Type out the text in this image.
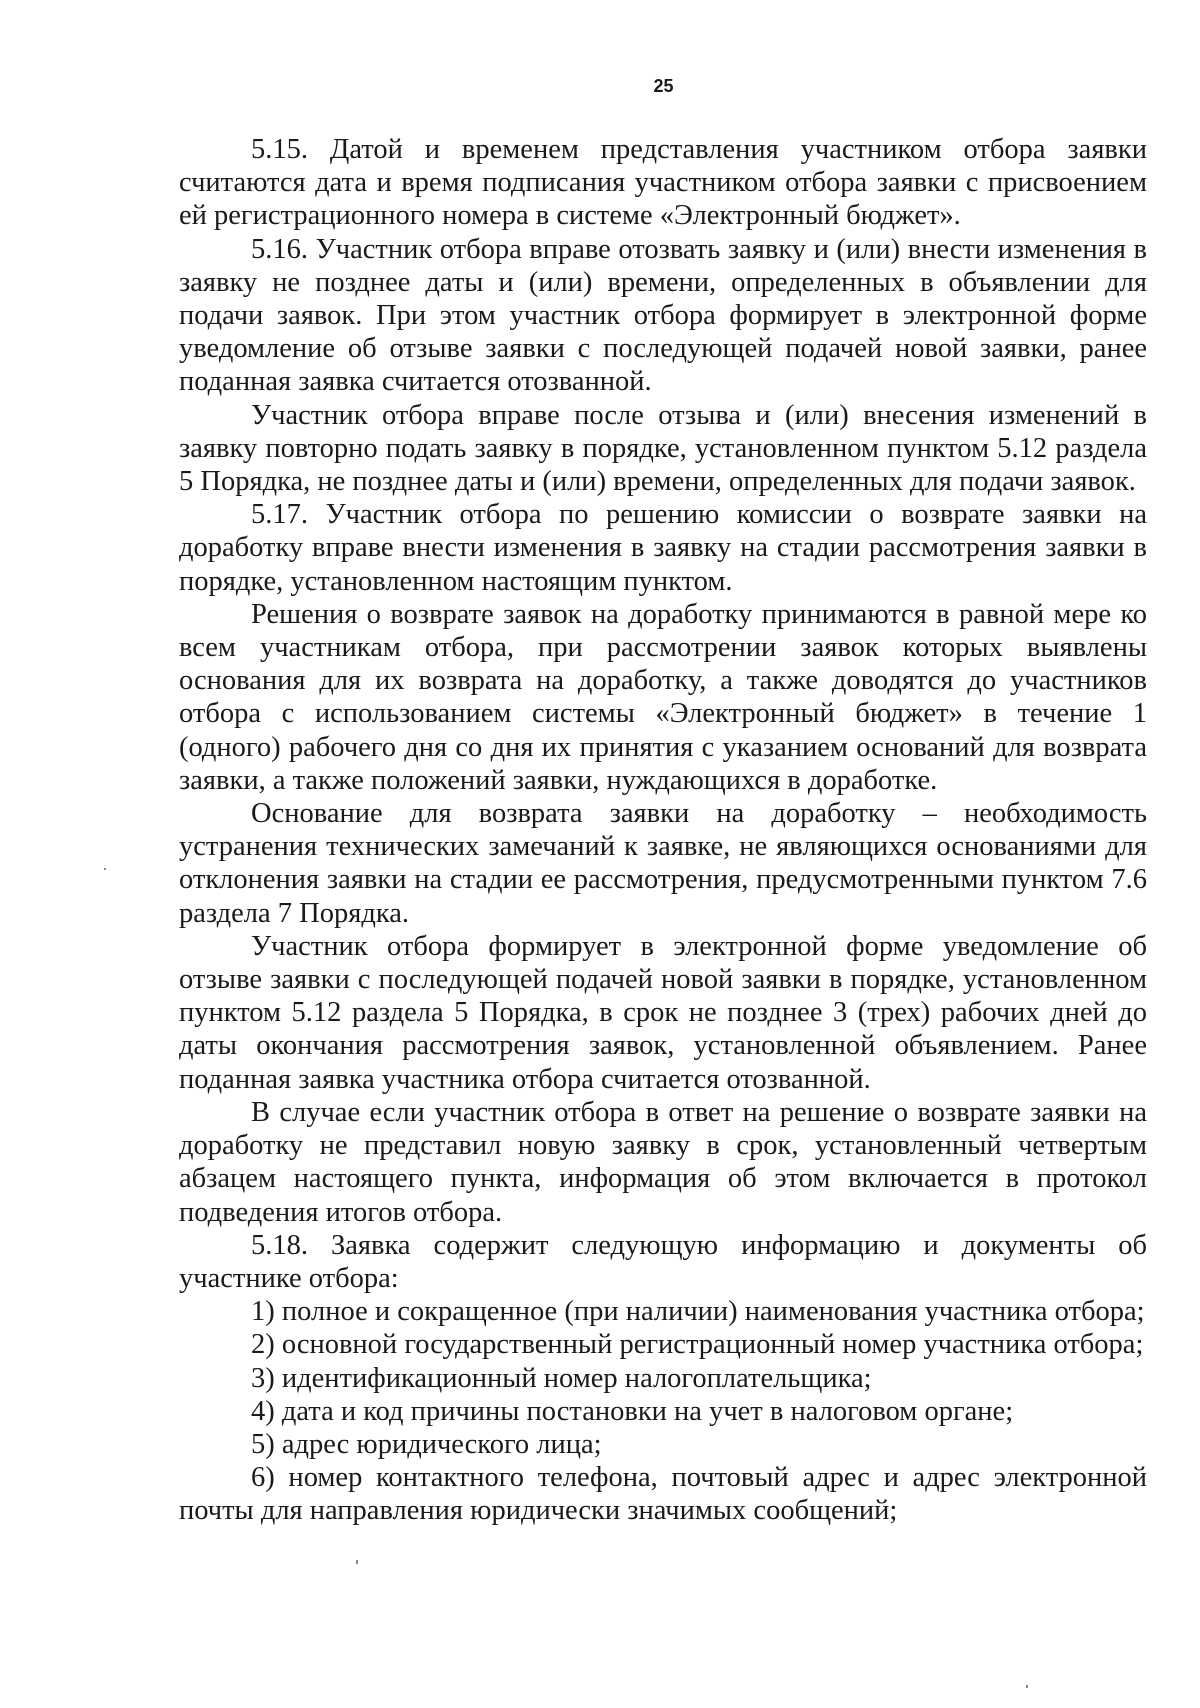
25

5.15. Датой и временем представления участником отбора заявки считаются дата и время подписания участником отбора заявки с присвоением ей регистрационного номера в системе «Электронный бюджет».

5.16. Участник отбора вправе отозвать заявку и (или) внести изменения в заявку не позднее даты и (или) времени, определенных в объявлении для подачи заявок. При этом участник отбора формирует в электронной форме уведомление об отзыве заявки с последующей подачей новой заявки, ранее поданная заявка считается отозванной.

Участник отбора вправе после отзыва и (или) внесения изменений в заявку повторно подать заявку в порядке, установленном пунктом 5.12 раздела 5 Порядка, не позднее даты и (или) времени, определенных для подачи заявок.

5.17. Участник отбора по решению комиссии о возврате заявки на доработку вправе внести изменения в заявку на стадии рассмотрения заявки в порядке, установленном настоящим пунктом.

Решения о возврате заявок на доработку принимаются в равной мере ко всем участникам отбора, при рассмотрении заявок которых выявлены основания для их возврата на доработку, а также доводятся до участников отбора с использованием системы «Электронный бюджет» в течение 1 (одного) рабочего дня со дня их принятия с указанием оснований для возврата заявки, а также положений заявки, нуждающихся в доработке.

Основание для возврата заявки на доработку – необходимость устранения технических замечаний к заявке, не являющихся основаниями для отклонения заявки на стадии ее рассмотрения, предусмотренными пунктом 7.6 раздела 7 Порядка.

Участник отбора формирует в электронной форме уведомление об отзыве заявки с последующей подачей новой заявки в порядке, установленном пунктом 5.12 раздела 5 Порядка, в срок не позднее 3 (трех) рабочих дней до даты окончания рассмотрения заявок, установленной объявлением. Ранее поданная заявка участника отбора считается отозванной.

В случае если участник отбора в ответ на решение о возврате заявки на доработку не представил новую заявку в срок, установленный четвертым абзацем настоящего пункта, информация об этом включается в протокол подведения итогов отбора.

5.18. Заявка содержит следующую информацию и документы об участнике отбора:

1) полное и сокращенное (при наличии) наименования участника отбора;

2) основной государственный регистрационный номер участника отбора;

3) идентификационный номер налогоплательщика;

4) дата и код причины постановки на учет в налоговом органе;

5) адрес юридического лица;

6) номер контактного телефона, почтовый адрес и адрес электронной почты для направления юридически значимых сообщений;
